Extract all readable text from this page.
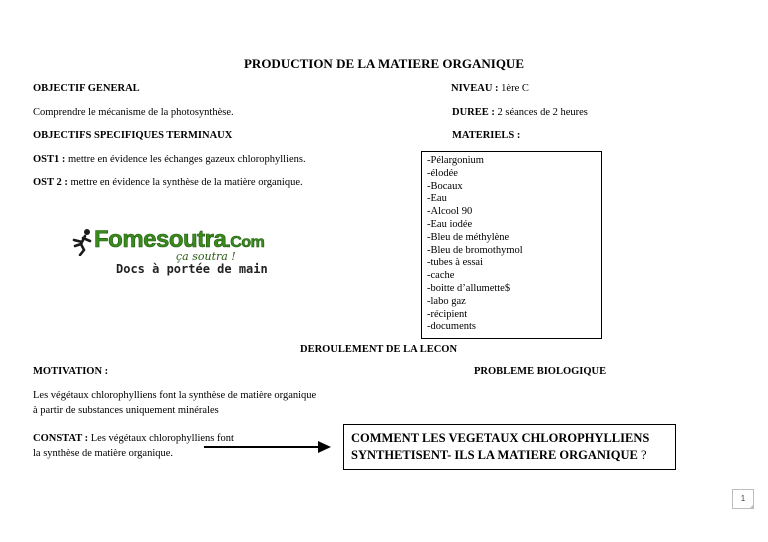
PRODUCTION DE LA MATIERE ORGANIQUE
OBJECTIF GENERAL	NIVEAU : 1ère C
Comprendre le mécanisme de la photosynthèse.	DUREE : 2 séances de 2 heures
OBJECTIFS SPECIFIQUES TERMINAUX	MATERIELS :
OST1 : mettre en évidence les échanges gazeux chlorophylliens.
OST 2 : mettre en évidence la synthèse de la matière organique.
-Pélargonium
-élodée
-Bocaux
-Eau
-Alcool 90
-Eau iodée
-Bleu de méthylène
-Bleu de bromothymol
-tubes à essai
-cache
-boitte d’allumette$
-labo gaz
-récipient
-documents
Fomesoutra.Com
ça soutra !
Docs à portée de main
DEROULEMENT DE LA LECON
MOTIVATION :	PROBLEME BIOLOGIQUE
Les végétaux chlorophylliens font la synthèse de matière organique
à partir de substances uniquement minérales
CONSTAT : Les végétaux chlorophylliens font
la synthèse de matière organique.
COMMENT LES VEGETAUX CHLOROPHYLLIENS
SYNTHETISENT- ILS LA MATIERE ORGANIQUE ?
1
